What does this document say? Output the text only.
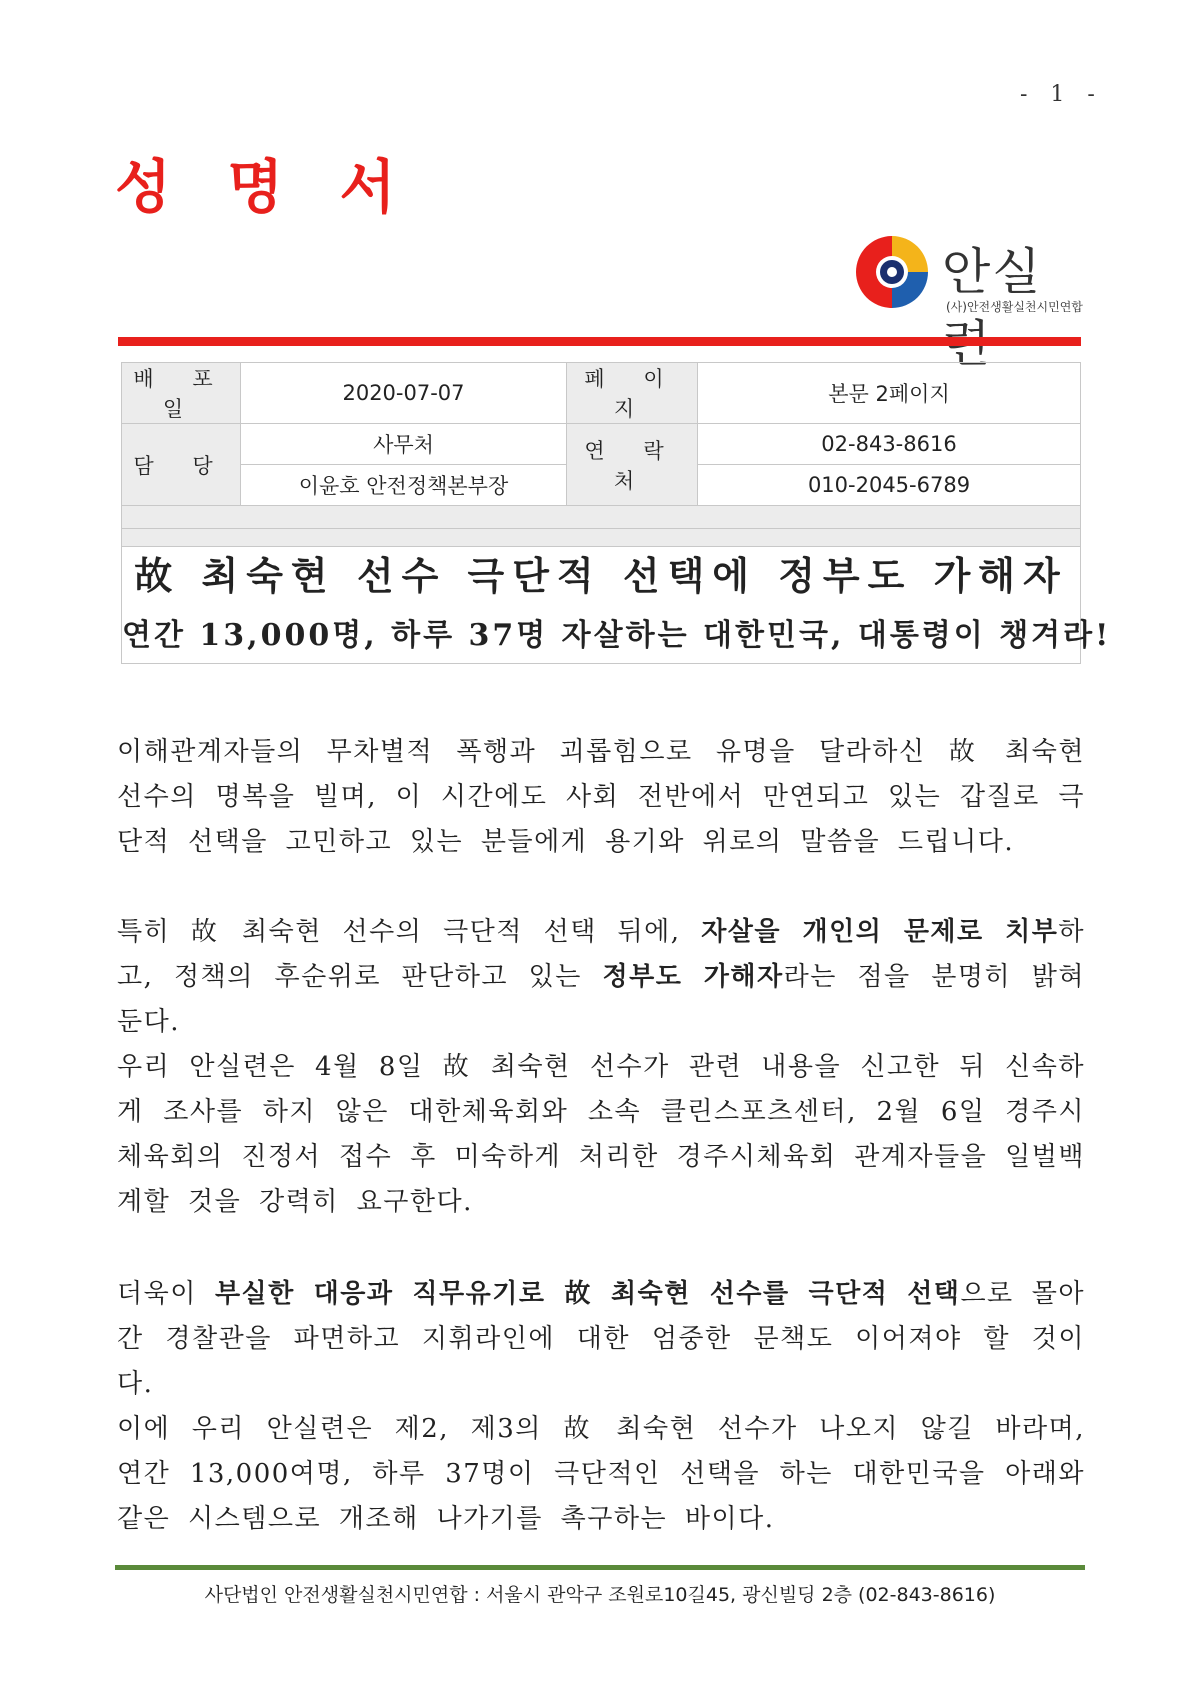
- 1 -
성 명 서
안실
(사)안전생활실천시민연합
배 포 일	2020-07-07	페 이 지	본문 2페이지
담 당	사무처	연 락 처	02-843-8616
	이윤호 안전정책본부장		010-2045-6789

故 최숙현 선수 극단적 선택에 정부도 가해자
연간 13,000명, 하루 37명 자살하는 대한민국, 대통령이 챙겨라!

이해관계자들의 무차별적 폭행과 괴롭힘으로 유명을 달라하신 故 최숙현 선수의 명복을 빌며, 이 시간에도 사회 전반에서 만연되고 있는 갑질로 극단적 선택을 고민하고 있는 분들에게 용기와 위로의 말씀을 드립니다.

특히 故 최숙현 선수의 극단적 선택 뒤에, 자살을 개인의 문제로 치부하고, 정책의 후순위로 판단하고 있는 정부도 가해자라는 점을 분명히 밝혀둔다.

우리 안실련은 4월 8일 故 최숙현 선수가 관련 내용을 신고한 뒤 신속하게 조사를 하지 않은 대한체육회와 소속 클린스포츠센터, 2월 6일 경주시체육회의 진정서 접수 후 미숙하게 처리한 경주시체육회 관계자들을 일벌백계할 것을 강력히 요구한다.

더욱이 부실한 대응과 직무유기로 故 최숙현 선수를 극단적 선택으로 몰아간 경찰관을 파면하고 지휘라인에 대한 엄중한 문책도 이어져야 할 것이다.

이에 우리 안실련은 제2, 제3의 故 최숙현 선수가 나오지 않길 바라며, 연간 13,000여명, 하루 37명이 극단적인 선택을 하는 대한민국을 아래와 같은 시스템으로 개조해 나가기를 촉구하는 바이다.

사단법인 안전생활실천시민연합 : 서울시 관악구 조원로10길45, 광신빌딩 2층 (02-843-8616)
